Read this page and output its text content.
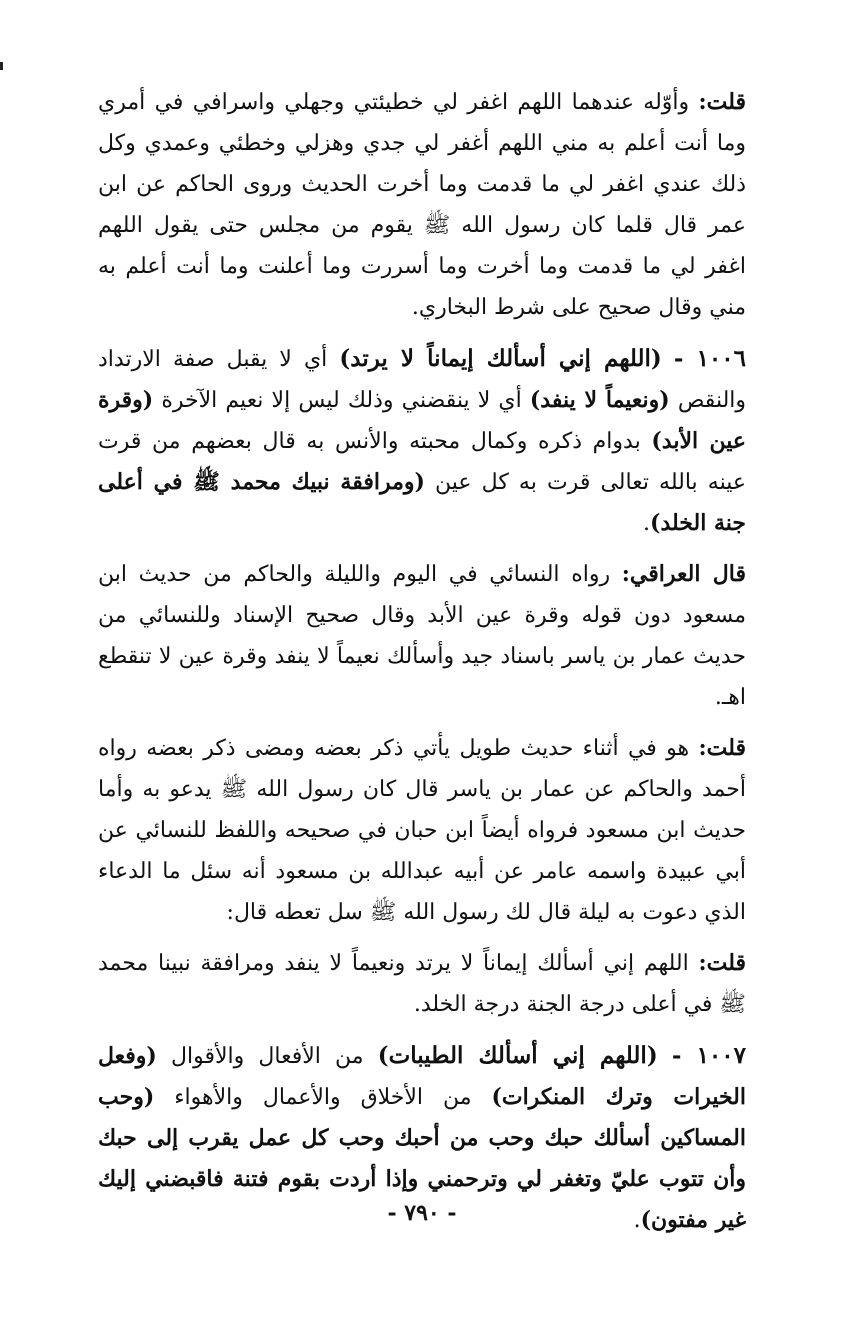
قلت: وأوّله عندهما اللهم اغفر لي خطيئتي وجهلي واسرافي في أمري وما أنت أعلم به مني اللهم أغفر لي جدي وهزلي وخطئي وعمدي وكل ذلك عندي اغفر لي ما قدمت وما أخرت الحديث وروى الحاكم عن ابن عمر قال قلما كان رسول الله ﷺ يقوم من مجلس حتى يقول اللهم اغفر لي ما قدمت وما أخرت وما أسررت وما أعلنت وما أنت أعلم به مني وقال صحيح على شرط البخاري.

١٠٠٦ - (اللهم إني أسألك إيماناً لا يرتد) أي لا يقبل صفة الارتداد والنقص (ونعيماً لا ينفد) أي لا ينقضني وذلك ليس إلا نعيم الآخرة (وقرة عين الأبد) بدوام ذكره وكمال محبته والأنس به قال بعضهم من قرت عينه بالله تعالى قرت به كل عين (ومرافقة نبيك محمد ﷺ في أعلى جنة الخلد).

قال العراقي: رواه النسائي في اليوم والليلة والحاكم من حديث ابن مسعود دون قوله وقرة عين الأبد وقال صحيح الإسناد وللنسائي من حديث عمار بن ياسر باسناد جيد وأسألك نعيماً لا ينفد وقرة عين لا تنقطع اهـ.

قلت: هو في أثناء حديث طويل يأتي ذكر بعضه ومضى ذكر بعضه رواه أحمد والحاكم عن عمار بن ياسر قال كان رسول الله ﷺ يدعو به وأما حديث ابن مسعود فرواه أيضاً ابن حبان في صحيحه واللفظ للنسائي عن أبي عبيدة واسمه عامر عن أبيه عبدالله بن مسعود أنه سئل ما الدعاء الذي دعوت به ليلة قال لك رسول الله ﷺ سل تعطه قال:

قلت: اللهم إني أسألك إيماناً لا يرتد ونعيماً لا ينفد ومرافقة نبينا محمد ﷺ في أعلى درجة الجنة درجة الخلد.

١٠٠٧ - (اللهم إني أسألك الطيبات) من الأفعال والأقوال (وفعل الخيرات وترك المنكرات) من الأخلاق والأعمال والأهواء (وحب المساكين أسألك حبك وحب من أحبك وحب كل عمل يقرب إلى حبك وأن تتوب عليّ وتغفر لي وترحمني وإذا أردت بقوم فتنة فاقبضني إليك غير مفتون).

- ٧٩٠ -
